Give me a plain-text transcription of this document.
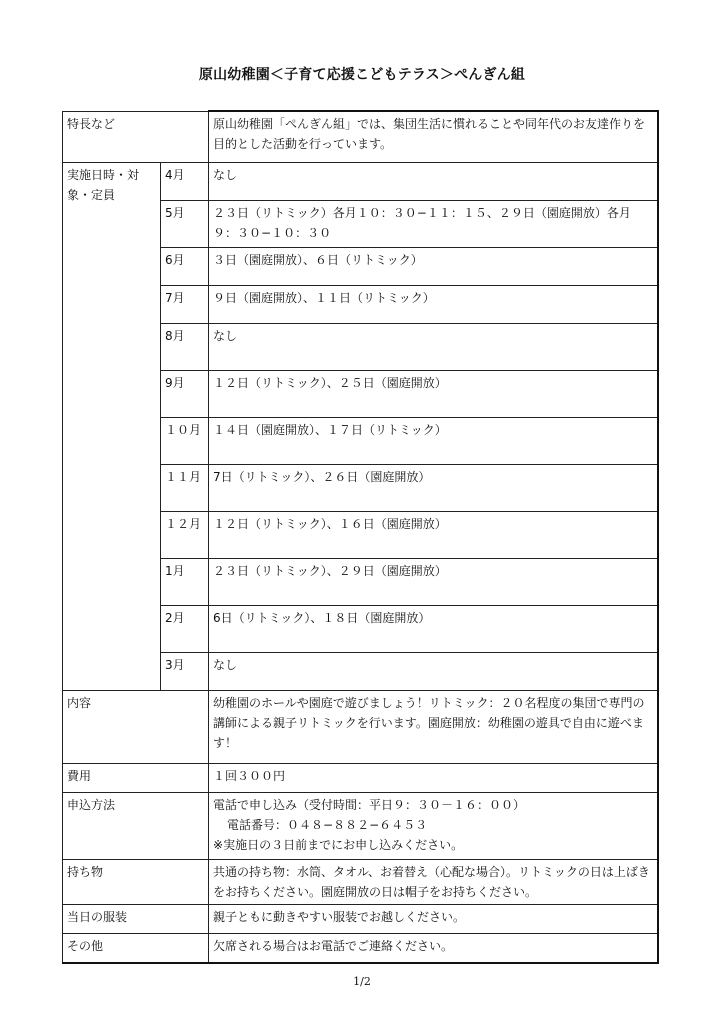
原山幼稚園＜子育て応援こどもテラス＞ぺんぎん組
特長など		原山幼稚園「ぺんぎん組」では、集団生活に慣れることや同年代のお友達作りを目的とした活動を行っています。
実施日時・対象・定員	4月	なし
	5月	２３日（リトミック）各月１０：３０−１１：１５、２９日（園庭開放）各月９：３０−１０：３０
	6月	３日（園庭開放）、６日（リトミック）
	7月	９日（園庭開放）、１１日（リトミック）
	8月	なし
	9月	１２日（リトミック）、２５日（園庭開放）
	１０月	１４日（園庭開放）、１７日（リトミック）
	１１月	7日（リトミック）、２６日（園庭開放）
	１２月	１２日（リトミック）、１６日（園庭開放）
	1月	２３日（リトミック）、２９日（園庭開放）
	2月	6日（リトミック）、１８日（園庭開放）
	3月	なし
内容		幼稚園のホールや園庭で遊びましょう！リトミック：２０名程度の集団で専門の講師による親子リトミックを行います。園庭開放：幼稚園の遊具で自由に遊べます！
費用		１回３００円
申込方法		電話で申し込み（受付時間：平日９：３０－１６：００）
電話番号：０４８−８８２−６４５３
※実施日の３日前までにお申し込みください。

持ち物		共通の持ち物：水筒、タオル、お着替え（心配な場合）。リトミックの日は上ばきをお持ちください。園庭開放の日は帽子をお持ちください。
当日の服装		親子ともに動きやすい服装でお越しください。
その他		欠席される場合はお電話でご連絡ください。
1/2
